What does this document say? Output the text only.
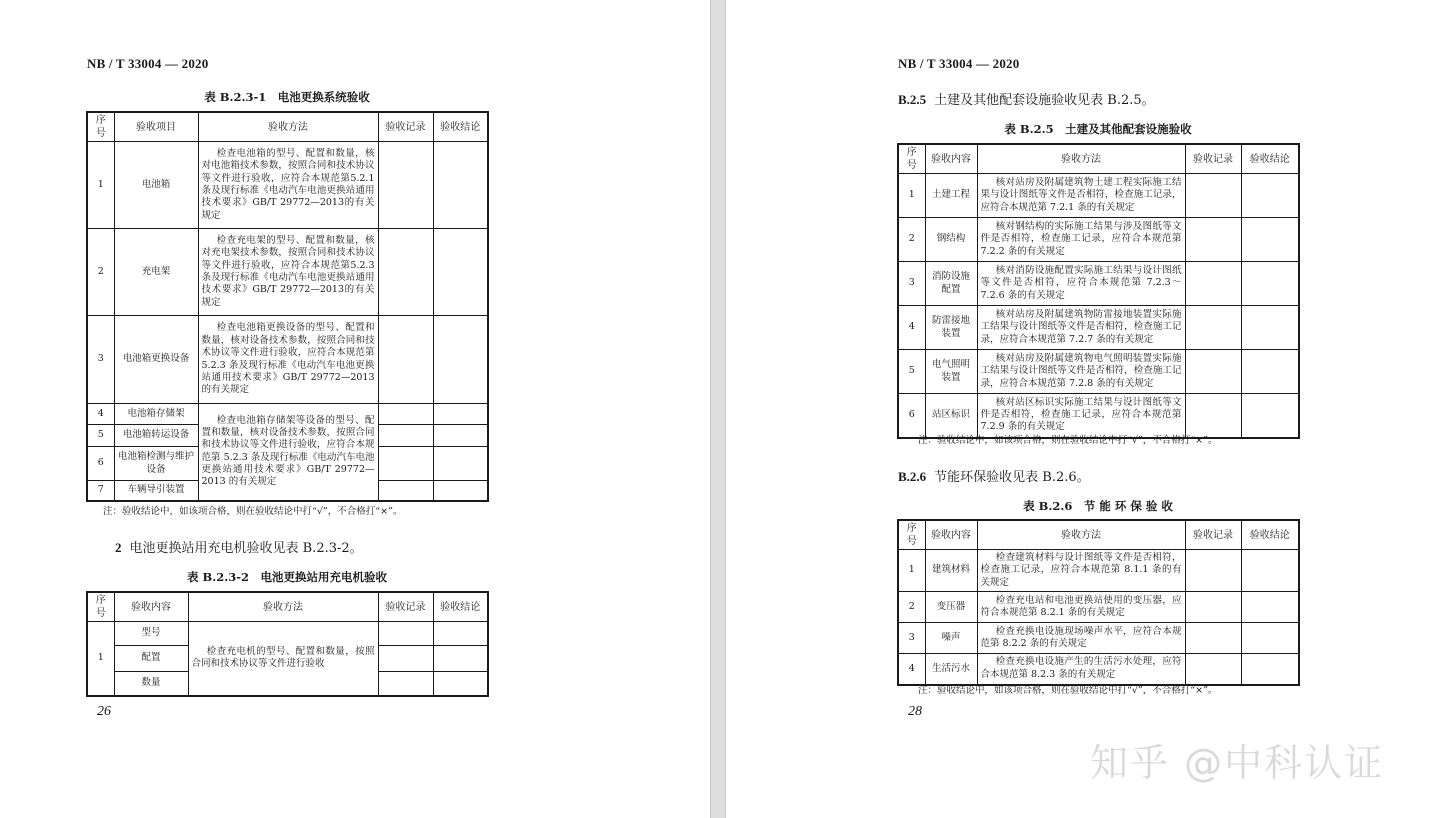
NB / T 33004 — 2020
表 B.2.3-1　电池更换系统验收
序号	验收项目	验收方法	验收记录	验收结论
1	电池箱	检查电池箱的型号、配置和数量，核对电池箱技术参数，按照合同和技术协议等文件进行验收，应符合本规范第5.2.1条及现行标准《电动汽车电池更换站通用技术要求》GB/T 29772—2013的有关规定		
2	充电架	检查充电架的型号、配置和数量，核对充电架技术参数，按照合同和技术协议等文件进行验收，应符合本规范第5.2.3条及现行标准《电动汽车电池更换站通用技术要求》GB/T 29772—2013的有关规定		
3	电池箱更换设备	检查电池箱更换设备的型号、配置和数量，核对设备技术参数，按照合同和技术协议等文件进行验收，应符合本规范第 5.2.3 条及现行标准《电动汽车电池更换站通用技术要求》GB/T 29772—2013 的有关规定		
4	电池箱存储架	检查电池箱存储架等设备的型号、配置和数量，核对设备技术参数，按照合同和技术协议等文件进行验收，应符合本规范第 5.2.3 条及现行标准《电动汽车电池更换站通用技术要求》GB/T 29772—2013 的有关规定		
5	电池箱转运设备			
6	电池箱检测与维护设备			
7	车辆导引装置			
注：验收结论中，如该项合格，则在验收结论中打“√”，不合格打“×”。
2 电池更换站用充电机验收见表 B.2.3-2。
表 B.2.3-2　电池更换站用充电机验收
序号	验收内容	验收方法	验收记录	验收结论
1	型号	检查充电机的型号、配置和数量，按照合同和技术协议等文件进行验收		
	配置			
	数量			
26
NB / T 33004 — 2020
B.2.5 土建及其他配套设施验收见表 B.2.5。
表 B.2.5　土建及其他配套设施验收
序号	验收内容	验收方法	验收记录	验收结论
1	土建工程	核对站房及附属建筑物土建工程实际施工结果与设计图纸等文件是否相符，检查施工记录，应符合本规范第 7.2.1 条的有关规定		
2	钢结构	核对钢结构的实际施工结果与涉及图纸等文件是否相符，检查施工记录，应符合本规范第 7.2.2 条的有关规定		
3	消防设施配置	核对消防设施配置实际施工结果与设计图纸等文件是否相符，应符合本规范第 7.2.3～7.2.6 条的有关规定		
4	防雷接地装置	核对站房及附属建筑物防雷接地装置实际施工结果与设计图纸等文件是否相符，检查施工记录，应符合本规范第 7.2.7 条的有关规定		
5	电气照明装置	核对站房及附属建筑物电气照明装置实际施工结果与设计图纸等文件是否相符，检查施工记录，应符合本规范第 7.2.8 条的有关规定		
6	站区标识	核对站区标识实际施工结果与设计图纸等文件是否相符，检查施工记录，应符合本规范第 7.2.9 条的有关规定		
注：验收结论中，如该项合格，则在验收结论中打“√”，不合格打“×”。
B.2.6 节能环保验收见表 B.2.6。
表 B.2.6　节 能 环 保 验 收
序号	验收内容	验收方法	验收记录	验收结论
1	建筑材料	检查建筑材料与设计图纸等文件是否相符，检查施工记录，应符合本规范第 8.1.1 条的有关规定		
2	变压器	检查充电站和电池更换站使用的变压器，应符合本规范第 8.2.1 条的有关规定		
3	噪声	检查充换电设施现场噪声水平，应符合本规范第 8.2.2 条的有关规定		
4	生活污水	检查充换电设施产生的生活污水处理，应符合本规范第 8.2.3 条的有关规定		
注：验收结论中，如该项合格，则在验收结论中打“√”，不合格打“×”。
28
知乎 @中科认证
